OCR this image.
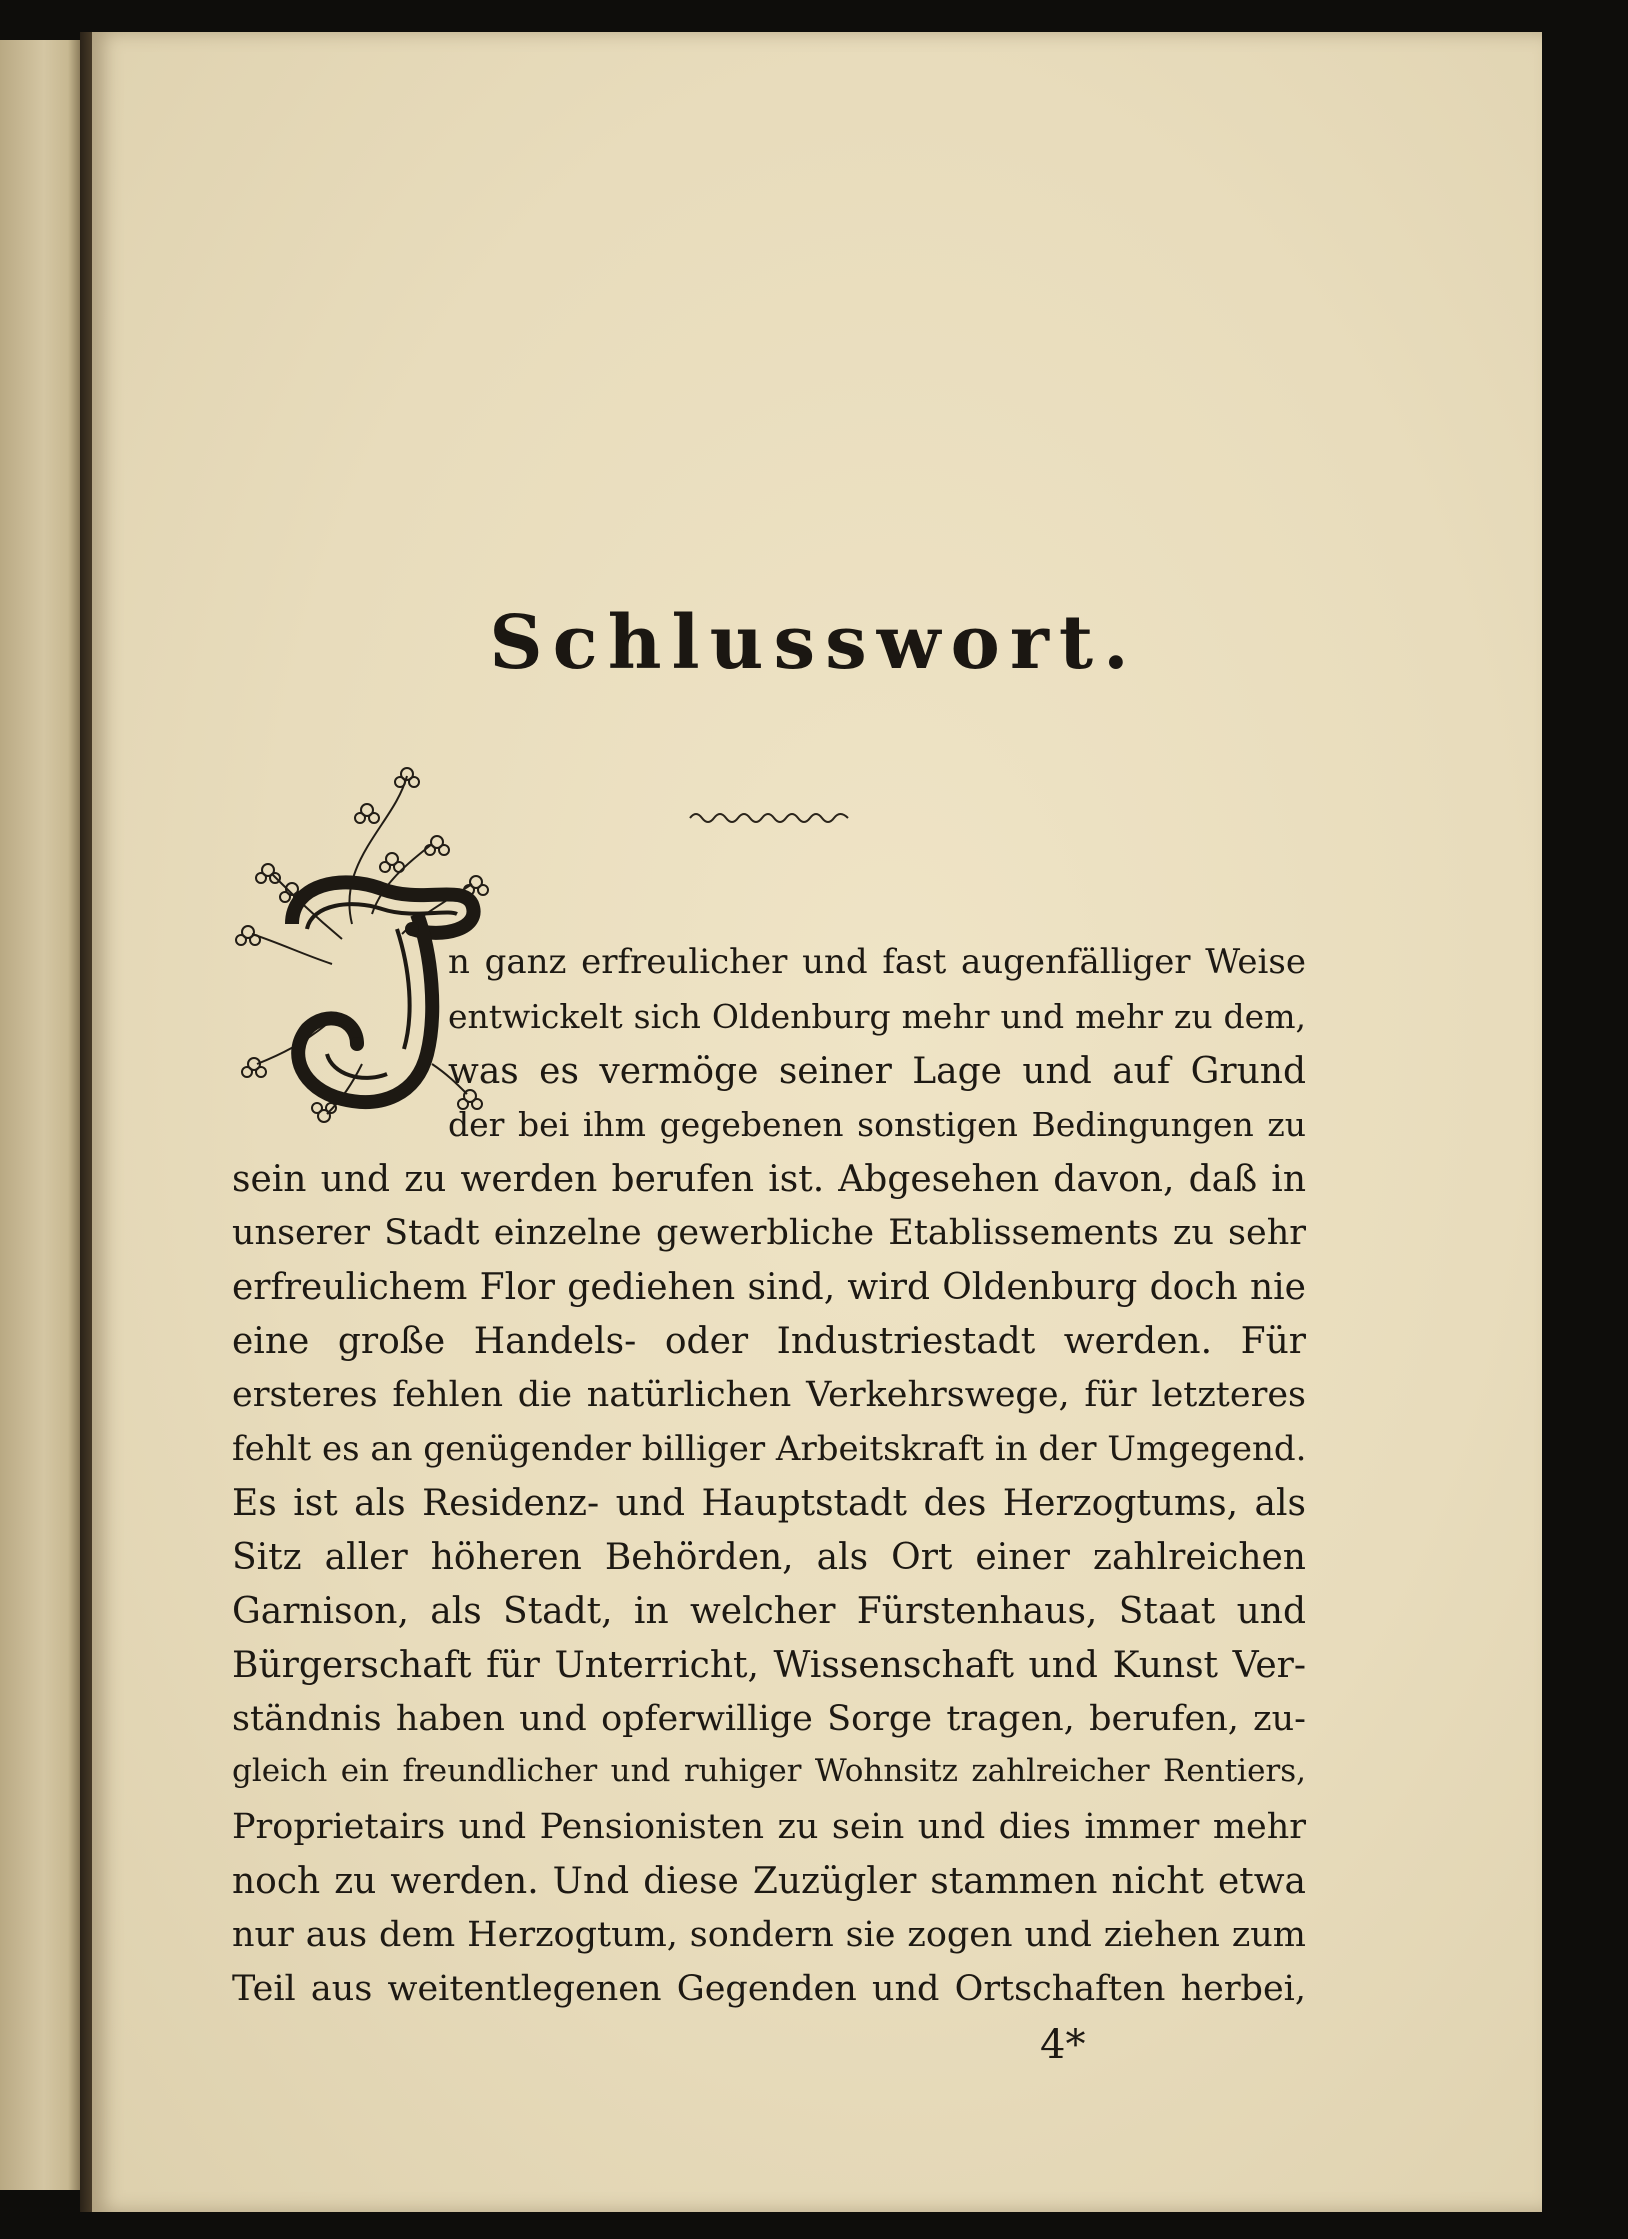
Schlusswort.
n ganz erfreulicher und fast augenfälliger Weise
entwickelt sich Oldenburg mehr und mehr zu dem,
was es vermöge seiner Lage und auf Grund
der bei ihm gegebenen sonstigen Bedingungen zu
sein und zu werden berufen ist. Abgesehen davon, daß in
unserer Stadt einzelne gewerbliche Etablissements zu sehr
erfreulichem Flor gediehen sind, wird Oldenburg doch nie
eine große Handels- oder Industriestadt werden. Für
ersteres fehlen die natürlichen Verkehrswege, für letzteres
fehlt es an genügender billiger Arbeitskraft in der Umgegend.
Es ist als Residenz- und Hauptstadt des Herzogtums, als
Sitz aller höheren Behörden, als Ort einer zahlreichen
Garnison, als Stadt, in welcher Fürstenhaus, Staat und
Bürgerschaft für Unterricht, Wissenschaft und Kunst Ver-
ständnis haben und opferwillige Sorge tragen, berufen, zu-
gleich ein freundlicher und ruhiger Wohnsitz zahlreicher Rentiers,
Proprietairs und Pensionisten zu sein und dies immer mehr
noch zu werden. Und diese Zuzügler stammen nicht etwa
nur aus dem Herzogtum, sondern sie zogen und ziehen zum
Teil aus weitentlegenen Gegenden und Ortschaften herbei,
4*
